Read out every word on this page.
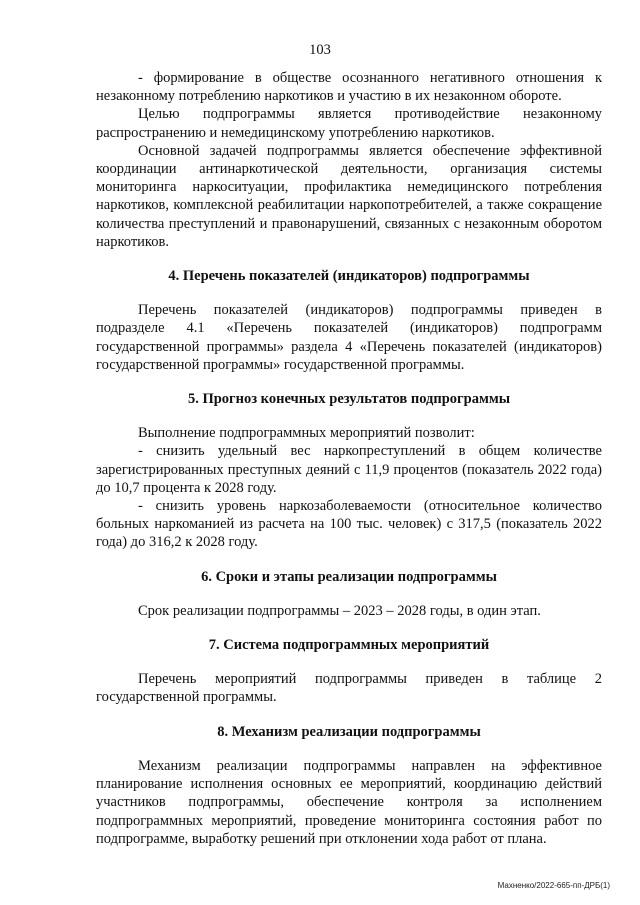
103

- формирование в обществе осознанного негативного отношения к незаконному потреблению наркотиков и участию в их незаконном обороте.

Целью подпрограммы является противодействие незаконному распространению и немедицинскому употреблению наркотиков.

Основной задачей подпрограммы является обеспечение эффективной координации антинаркотической деятельности, организация системы мониторинга наркоситуации, профилактика немедицинского потребления наркотиков, комплексной реабилитации наркопотребителей, а также сокращение количества преступлений и правонарушений, связанных с незаконным оборотом наркотиков.

4. Перечень показателей (индикаторов) подпрограммы

Перечень показателей (индикаторов) подпрограммы приведен в подразделе 4.1 «Перечень показателей (индикаторов) подпрограмм государственной программы» раздела 4 «Перечень показателей (индикаторов) государственной программы» государственной программы.

5. Прогноз конечных результатов подпрограммы

Выполнение подпрограммных мероприятий позволит:

- снизить удельный вес наркопреступлений в общем количестве зарегистрированных преступных деяний с 11,9 процентов (показатель 2022 года) до 10,7 процента к 2028 году.

- снизить уровень наркозаболеваемости (относительное количество больных наркоманией из расчета на 100 тыс. человек) с 317,5 (показатель 2022 года) до 316,2 к 2028 году.

6. Сроки и этапы реализации подпрограммы

Срок реализации подпрограммы – 2023 – 2028 годы, в один этап.

7. Система подпрограммных мероприятий

Перечень мероприятий подпрограммы приведен в таблице 2 государственной программы.

8. Механизм реализации подпрограммы

Механизм реализации подпрограммы направлен на эффективное планирование исполнения основных ее мероприятий, координацию действий участников подпрограммы, обеспечение контроля за исполнением подпрограммных мероприятий, проведение мониторинга состояния работ по подпрограмме, выработку решений при отклонении хода работ от плана.

Махненко/2022-665-пп-ДРБ(1)
